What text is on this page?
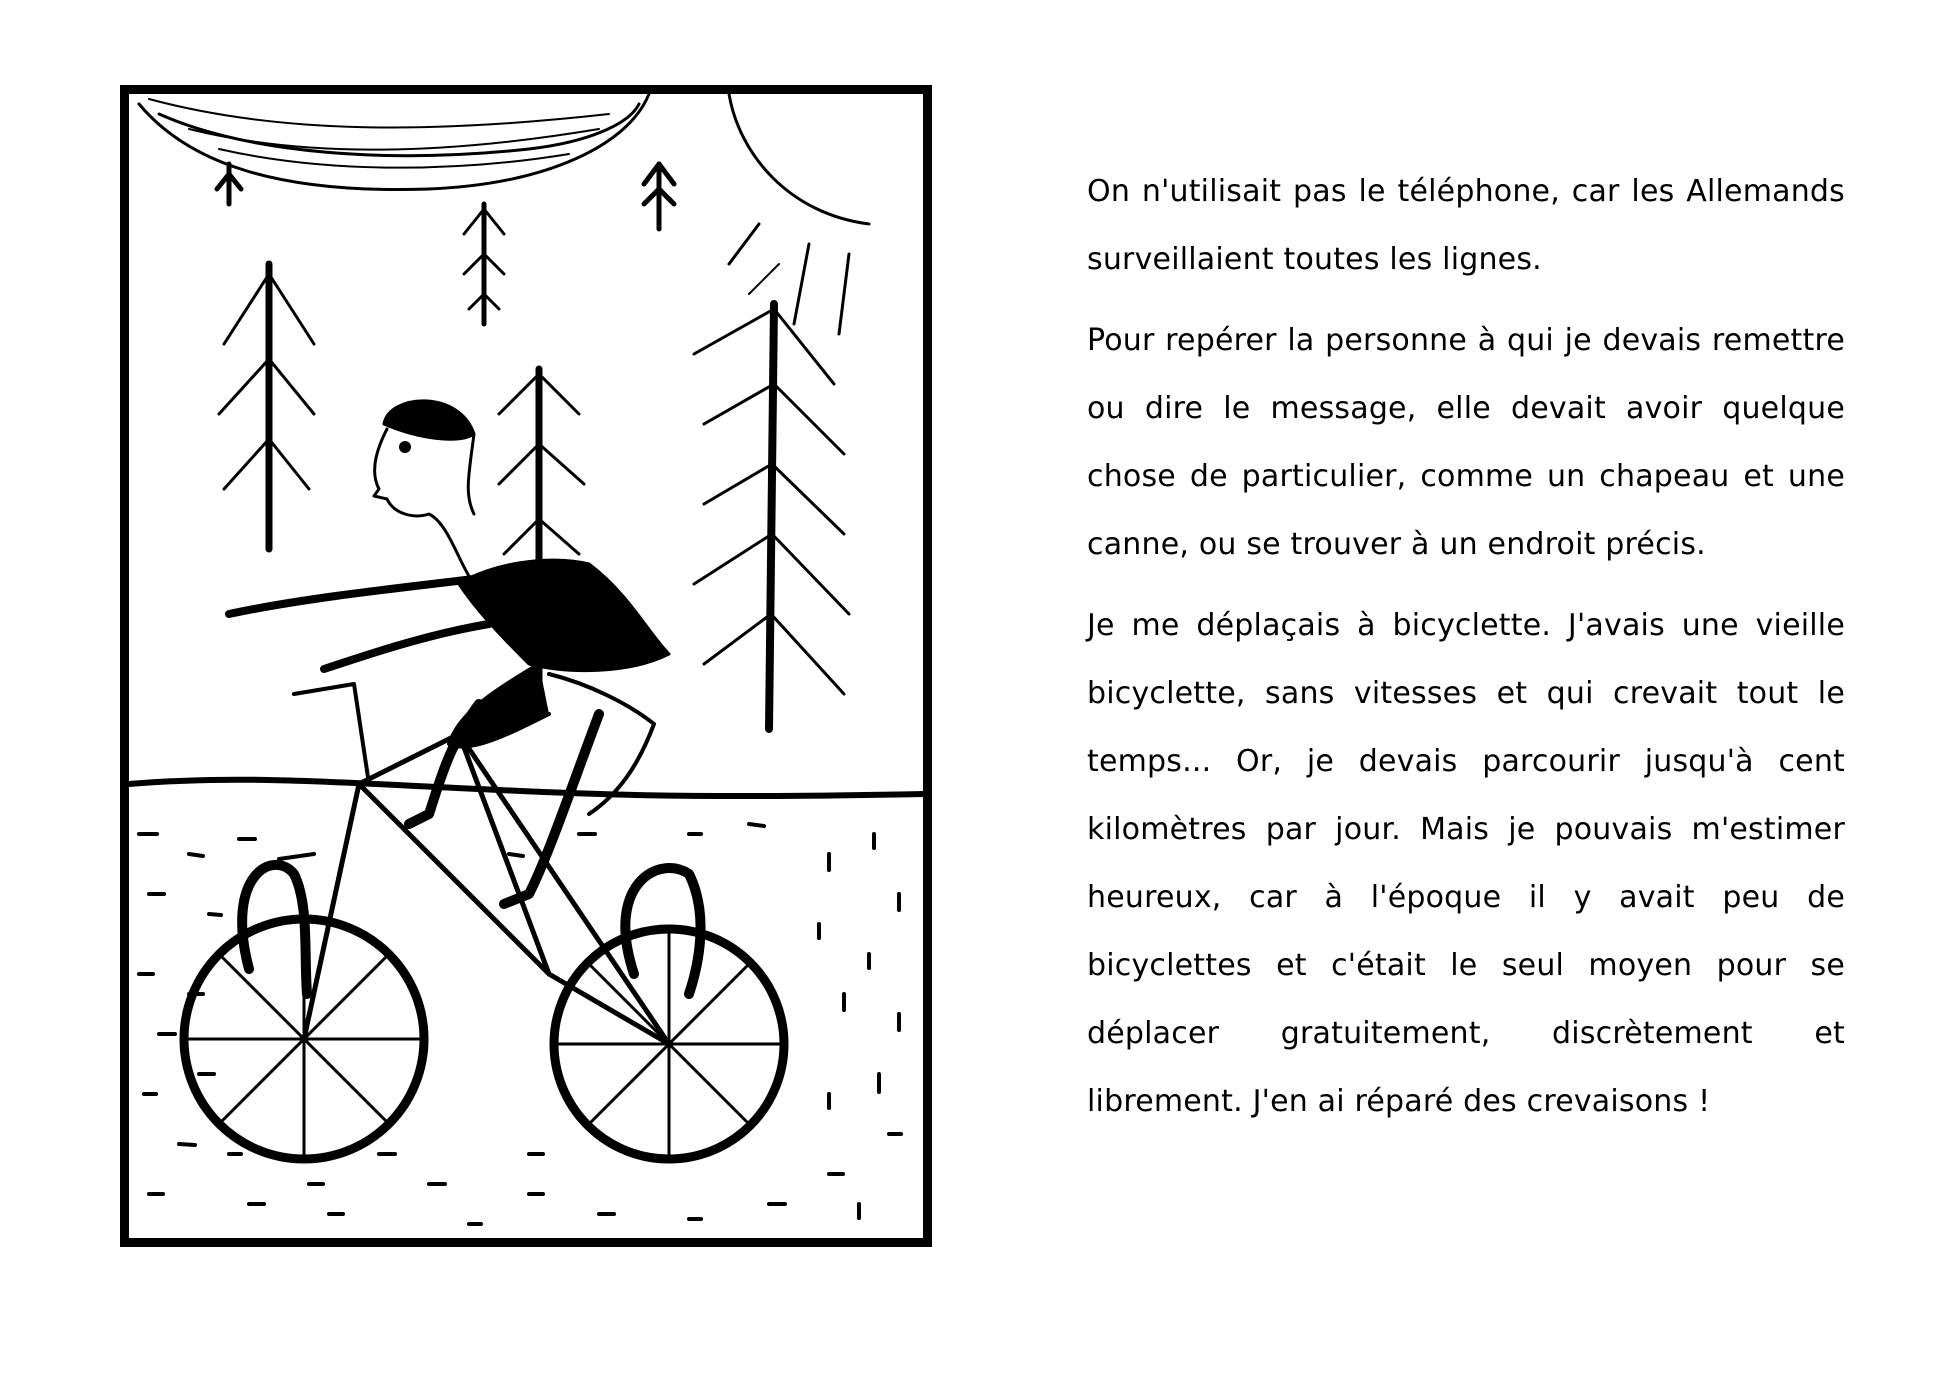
On n'utilisait pas le téléphone, car les Allemands surveillaient toutes les lignes.

Pour repérer la personne à qui je devais remettre ou dire le message, elle devait avoir quelque chose de particulier, comme un chapeau et une canne, ou se trouver à un endroit précis.

Je me déplaçais à bicyclette. J'avais une vieille bicyclette, sans vitesses et qui crevait tout le temps... Or, je devais parcourir jusqu'à cent kilomètres par jour. Mais je pouvais m'estimer heureux, car à l'époque il y avait peu de bicyclettes et c'était le seul moyen pour se déplacer gratuitement, discrètement et librement. J'en ai réparé des crevaisons !
